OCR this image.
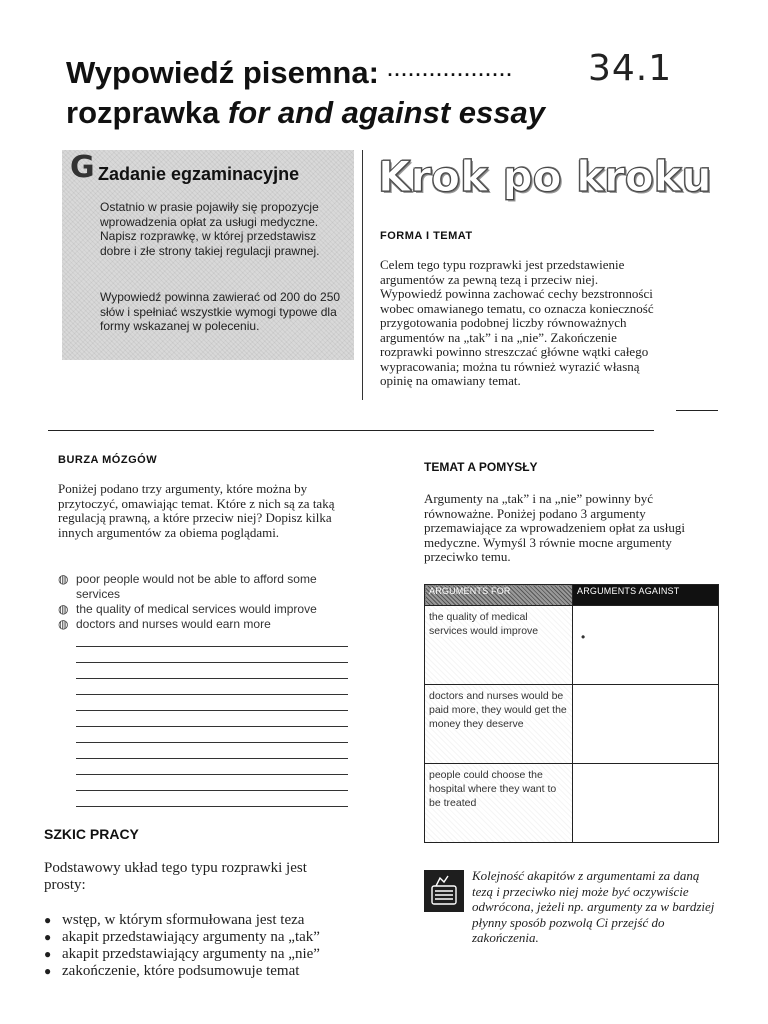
Wypowiedź pisemna: ·················· 34.1
rozprawka for and against essay
G Zadanie egzaminacyjne
Ostatnio w prasie pojawiły się propozycje wprowadzenia opłat za usługi medyczne. Napisz rozprawkę, w której przedstawisz dobre i złe strony takiej regulacji prawnej.
Wypowiedź powinna zawierać od 200 do 250 słów i spełniać wszystkie wymogi typowe dla formy wskazanej w poleceniu.
Krok po kroku
FORMA I TEMAT
Celem tego typu rozprawki jest przedstawienie argumentów za pewną tezą i przeciw niej. Wypowiedź powinna zachować cechy bezstronności wobec omawianego tematu, co oznacza konieczność przygotowania podobnej liczby równoważnych argumentów na „tak” i na „nie”. Zakończenie rozprawki powinno streszczać główne wątki całego wypracowania; można tu również wyrazić własną opinię na omawiany temat.
BURZA MÓZGÓW
Poniżej podano trzy argumenty, które można by przytoczyć, omawiając temat. Które z nich są za taką regulacją prawną, a które przeciw niej? Dopisz kilka innych argumentów za obiema poglądami.
◍ poor people would not be able to afford some services
◍ the quality of medical services would improve
◍ doctors and nurses would earn more
TEMAT A POMYSŁY
Argumenty na „tak” i na „nie” powinny być równoważne. Poniżej podano 3 argumenty przemawiające za wprowadzeniem opłat za usługi medyczne. Wymyśl 3 równie mocne argumenty przeciwko temu.
ARGUMENTS FOR	ARGUMENTS AGAINST
the quality of medical services would improve	•
doctors and nurses would be paid more, they would get the money they deserve	
people could choose the hospital where they want to be treated	
SZKIC PRACY
Podstawowy układ tego typu rozprawki jest prosty:
● wstęp, w którym sformułowana jest teza
● akapit przedstawiający argumenty na „tak”
● akapit przedstawiający argumenty na „nie”
● zakończenie, które podsumowuje temat
Kolejność akapitów z argumentami za daną tezą i przeciwko niej może być oczywiście odwrócona, jeżeli np. argumenty za w bardziej płynny sposób pozwolą Ci przejść do zakończenia.
